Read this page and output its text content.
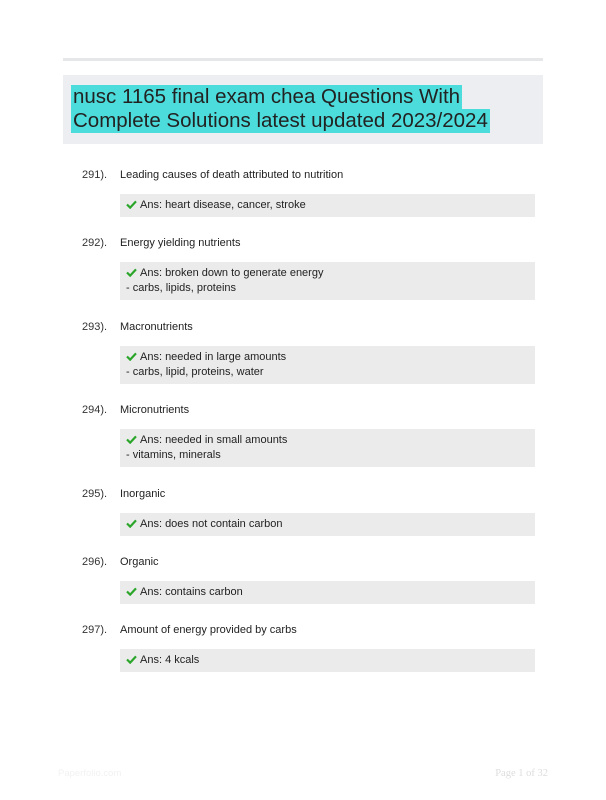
nusc 1165 final exam chea Questions With
Complete Solutions latest updated 2023/2024
291). Leading causes of death attributed to nutrition
Ans: heart disease, cancer, stroke
292). Energy yielding nutrients
Ans: broken down to generate energy
- carbs, lipids, proteins
293). Macronutrients
Ans: needed in large amounts
- carbs, lipid, proteins, water
294). Micronutrients
Ans: needed in small amounts
- vitamins, minerals
295). Inorganic
Ans: does not contain carbon
296). Organic
Ans: contains carbon
297). Amount of energy provided by carbs
Ans: 4 kcals
Paperfolio.com	Page 1 of 32
